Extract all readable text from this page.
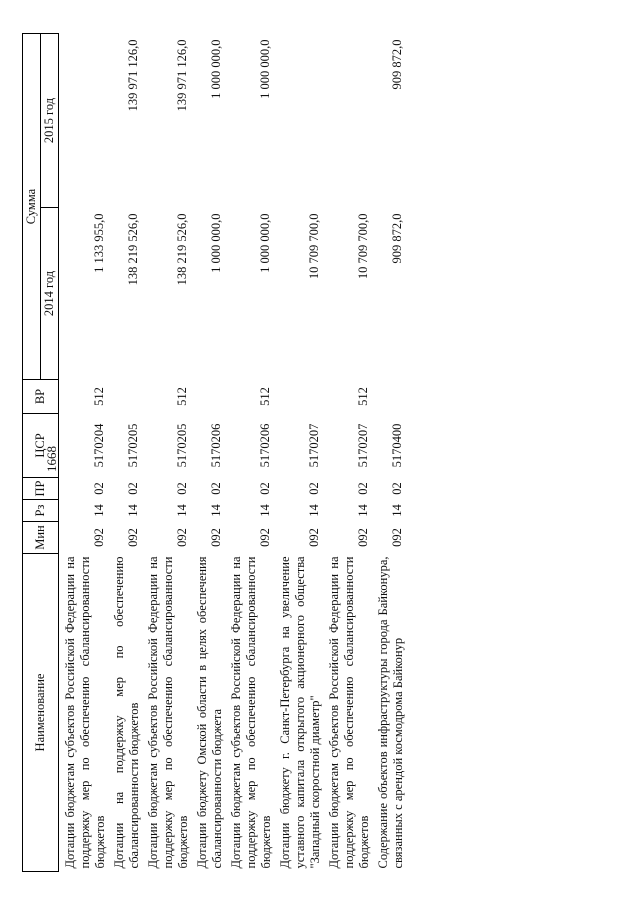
1668
Наименование	Мин	Рз	ПР	ЦСР	ВР	Сумма	
						2014 год	2015 год
Дотации бюджетам субъектов Российской Федерации на поддержку мер по обеспечению сбалансированности бюджетов	092	14	02	5170204	512	1 133 955,0	
Дотации на поддержку мер по обеспечению сбалансированности бюджетов	092	14	02	5170205		138 219 526,0	139 971 126,0
Дотации бюджетам субъектов Российской Федерации на поддержку мер по обеспечению сбалансированности бюджетов	092	14	02	5170205	512	138 219 526,0	139 971 126,0
Дотации бюджету Омской области в целях обеспечения сбалансированности бюджета	092	14	02	5170206		1 000 000,0	1 000 000,0
Дотации бюджетам субъектов Российской Федерации на поддержку мер по обеспечению сбалансированности бюджетов	092	14	02	5170206	512	1 000 000,0	1 000 000,0
Дотации бюджету г. Санкт-Петербурга на увеличение уставного капитала открытого акционерного общества "Западный скоростной диаметр"	092	14	02	5170207		10 709 700,0	
Дотации бюджетам субъектов Российской Федерации на поддержку мер по обеспечению сбалансированности бюджетов	092	14	02	5170207	512	10 709 700,0	
Содержание объектов инфраструктуры города Байконура, связанных с арендой космодрома Байконур	092	14	02	5170400		909 872,0	909 872,0
